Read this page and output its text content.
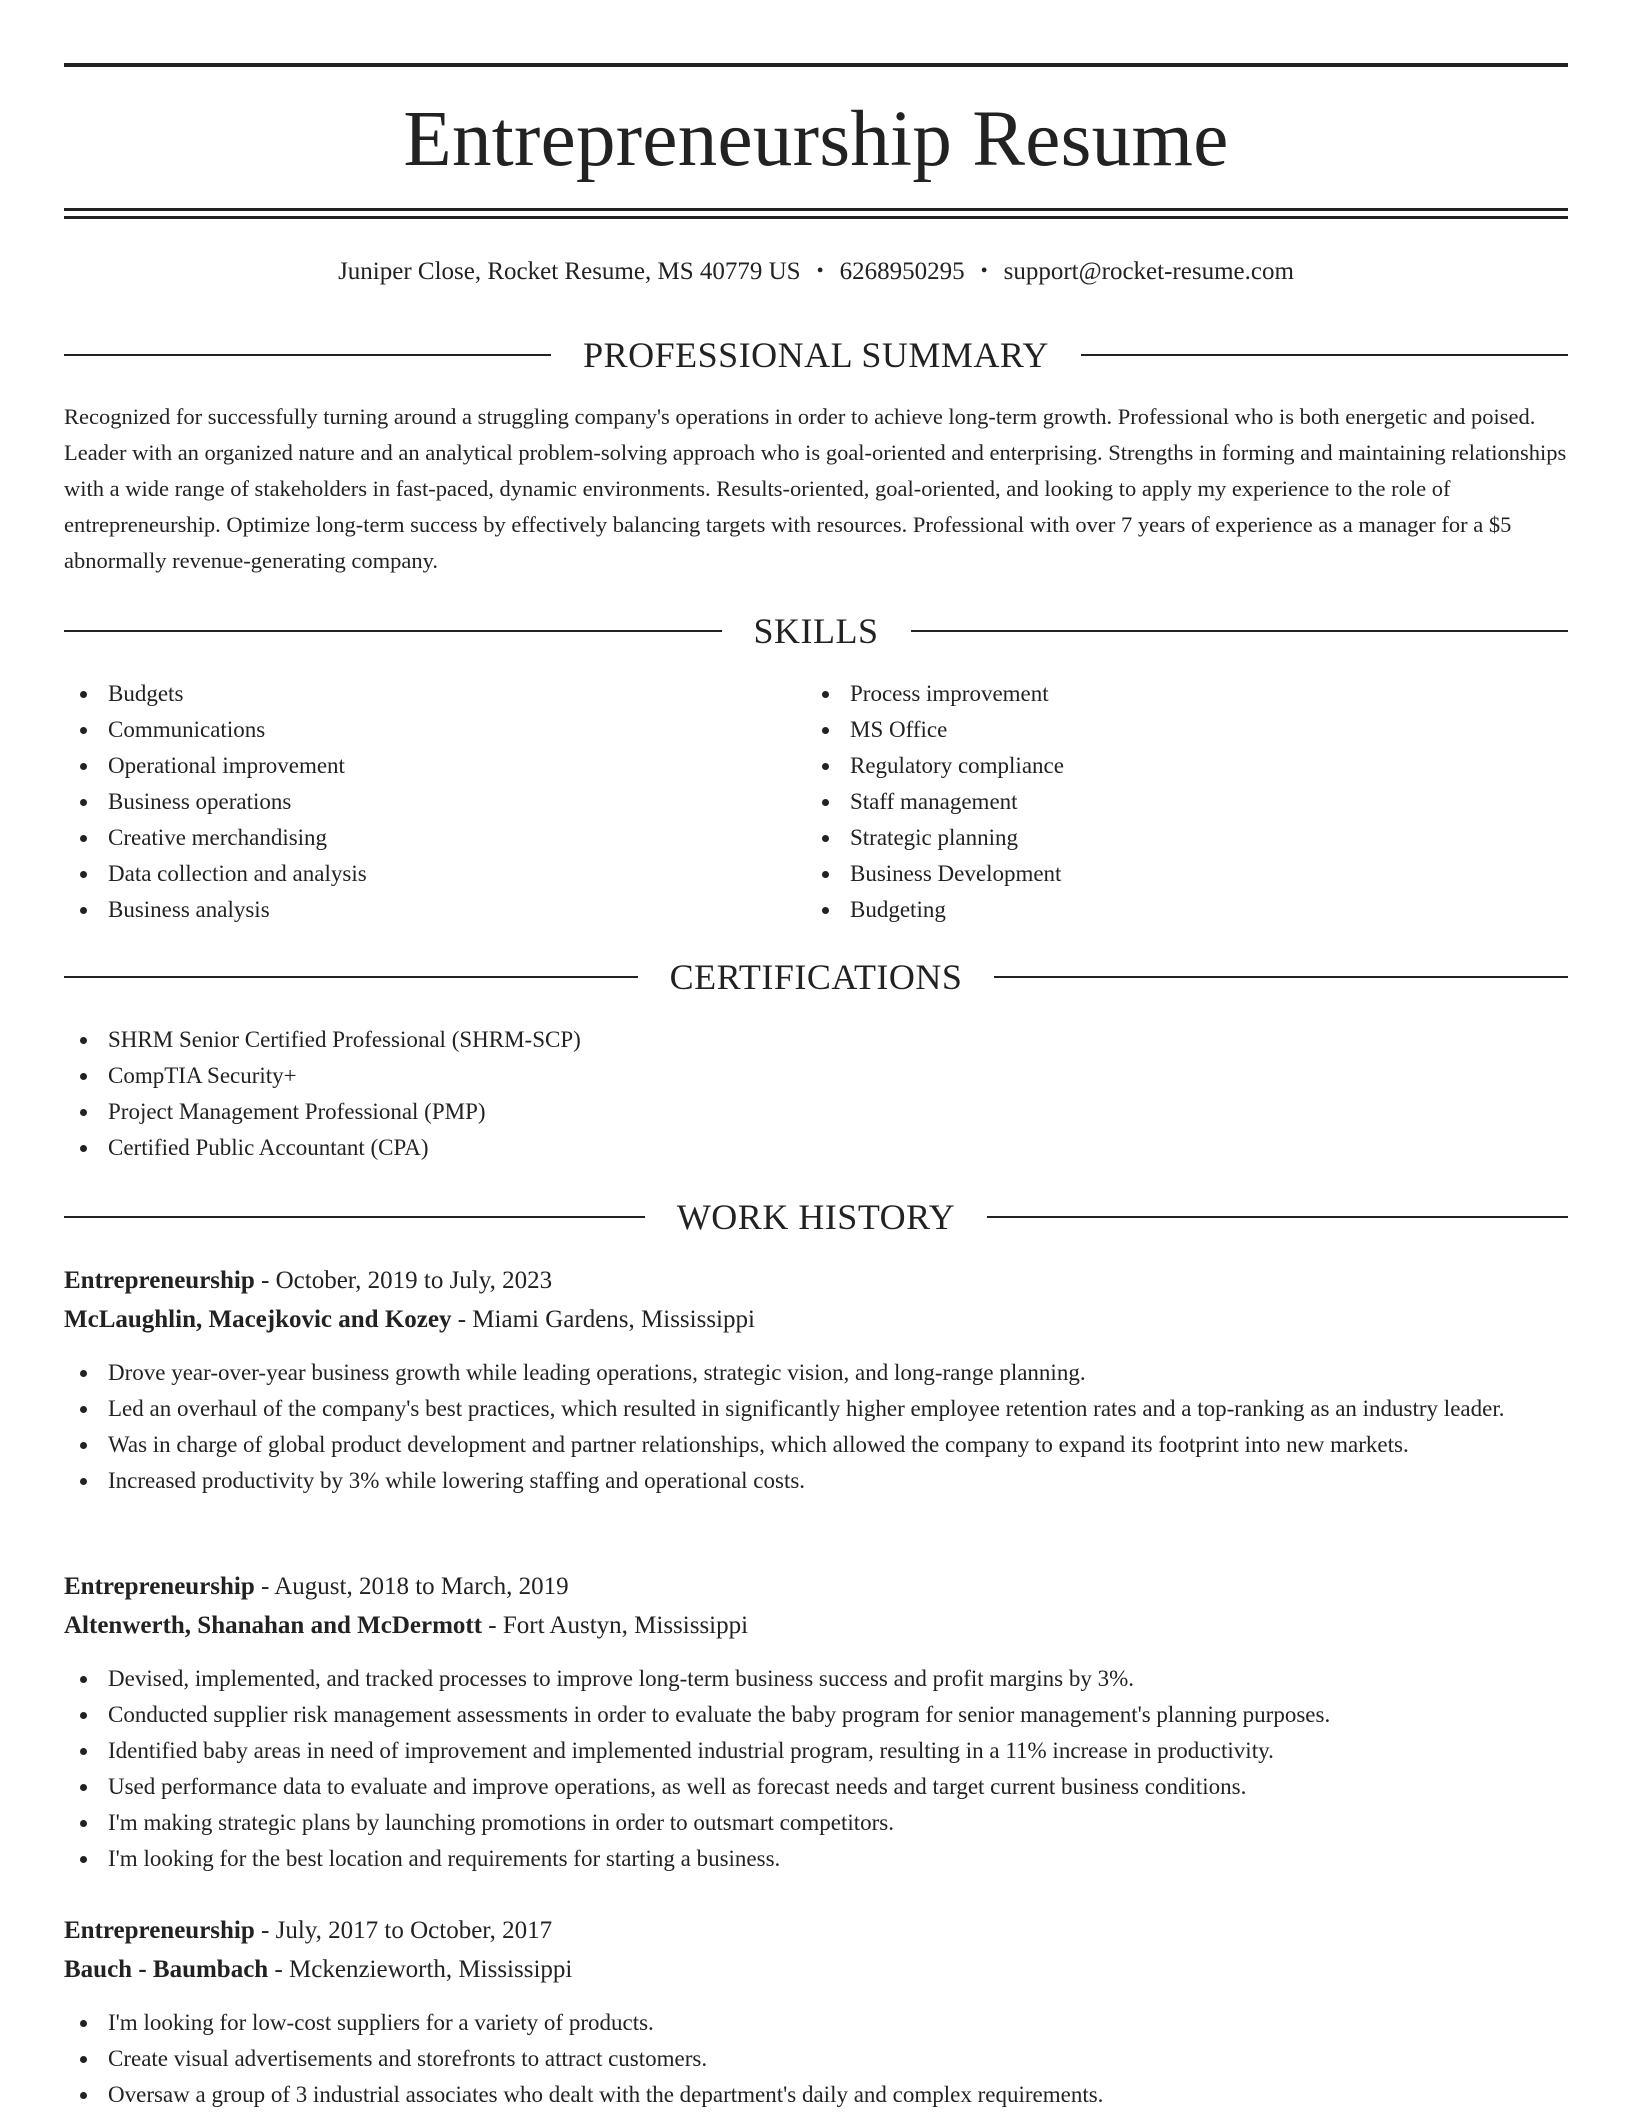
Entrepreneurship Resume
Juniper Close, Rocket Resume, MS 40779 US • 6268950295 • support@rocket-resume.com
PROFESSIONAL SUMMARY

Recognized for successfully turning around a struggling company's operations in order to achieve long-term growth. Professional who is both energetic and poised. Leader with an organized nature and an analytical problem-solving approach who is goal-oriented and enterprising. Strengths in forming and maintaining relationships with a wide range of stakeholders in fast-paced, dynamic environments. Results-oriented, goal-oriented, and looking to apply my experience to the role of entrepreneurship. Optimize long-term success by effectively balancing targets with resources. Professional with over 7 years of experience as a manager for a $5 abnormally revenue-generating company.

SKILLS
Budgets
Communications
Operational improvement
Business operations
Creative merchandising
Data collection and analysis
Business analysis
Process improvement
MS Office
Regulatory compliance
Staff management
Strategic planning
Business Development
Budgeting
CERTIFICATIONS
SHRM Senior Certified Professional (SHRM-SCP)
CompTIA Security+
Project Management Professional (PMP)
Certified Public Accountant (CPA)
WORK HISTORY
Entrepreneurship - October, 2019 to July, 2023
McLaughlin, Macejkovic and Kozey - Miami Gardens, Mississippi
Drove year-over-year business growth while leading operations, strategic vision, and long-range planning.
Led an overhaul of the company's best practices, which resulted in significantly higher employee retention rates and a top-ranking as an industry leader.
Was in charge of global product development and partner relationships, which allowed the company to expand its footprint into new markets.
Increased productivity by 3% while lowering staffing and operational costs.
Entrepreneurship - August, 2018 to March, 2019
Altenwerth, Shanahan and McDermott - Fort Austyn, Mississippi
Devised, implemented, and tracked processes to improve long-term business success and profit margins by 3%.
Conducted supplier risk management assessments in order to evaluate the baby program for senior management's planning purposes.
Identified baby areas in need of improvement and implemented industrial program, resulting in a 11% increase in productivity.
Used performance data to evaluate and improve operations, as well as forecast needs and target current business conditions.
I'm making strategic plans by launching promotions in order to outsmart competitors.
I'm looking for the best location and requirements for starting a business.
Entrepreneurship - July, 2017 to October, 2017
Bauch - Baumbach - Mckenzieworth, Mississippi
I'm looking for low-cost suppliers for a variety of products.
Create visual advertisements and storefronts to attract customers.
Oversaw a group of 3 industrial associates who dealt with the department's daily and complex requirements.
